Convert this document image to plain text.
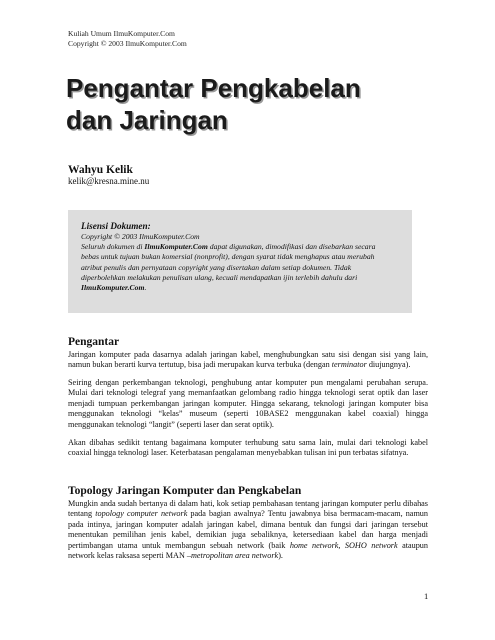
Kuliah Umum IlmuKomputer.Com
Copyright © 2003 IlmuKomputer.Com
Pengantar Pengkabelan
dan Jaringan
Wahyu Kelik
kelik@kresna.mine.nu
Lisensi Dokumen:
Copyright © 2003 IlmuKomputer.Com
Seluruh dokumen di IlmuKomputer.Com dapat digunakan, dimodifikasi dan disebarkan secara bebas untuk tujuan bukan komersial (nonprofit), dengan syarat tidak menghapus atau merubah atribut penulis dan pernyataan copyright yang disertakan dalam setiap dokumen. Tidak diperbolehkan melakukan penulisan ulang, kecuali mendapatkan ijin terlebih dahulu dari IlmuKomputer.Com.
Pengantar
Jaringan komputer pada dasarnya adalah jaringan kabel, menghubungkan satu sisi dengan sisi yang lain, namun bukan berarti kurva tertutup, bisa jadi merupakan kurva terbuka (dengan terminator diujungnya).
Seiring dengan perkembangan teknologi, penghubung antar komputer pun mengalami perubahan serupa. Mulai dari teknologi telegraf yang memanfaatkan gelombang radio hingga teknologi serat optik dan laser menjadi tumpuan perkembangan jaringan komputer. Hingga sekarang, teknologi jaringan komputer bisa menggunakan teknologi “kelas” museum (seperti 10BASE2 menggunakan kabel coaxial) hingga menggunakan teknologi “langit” (seperti laser dan serat optik).
Akan dibahas sedikit tentang bagaimana komputer terhubung satu sama lain, mulai dari teknologi kabel coaxial hingga teknologi laser. Keterbatasan pengalaman menyebabkan tulisan ini pun terbatas sifatnya.
Topology Jaringan Komputer dan Pengkabelan
Mungkin anda sudah bertanya di dalam hati, kok setiap pembahasan tentang jaringan komputer perlu dibahas tentang topology computer network pada bagian awalnya? Tentu jawabnya bisa bermacam-macam, namun pada intinya, jaringan komputer adalah jaringan kabel, dimana bentuk dan fungsi dari jaringan tersebut menentukan pemilihan jenis kabel, demikian juga sebaliknya, ketersediaan kabel dan harga menjadi pertimbangan utama untuk membangun sebuah network (baik home network, SOHO network ataupun network kelas raksasa seperti MAN –metropolitan area network).
1
